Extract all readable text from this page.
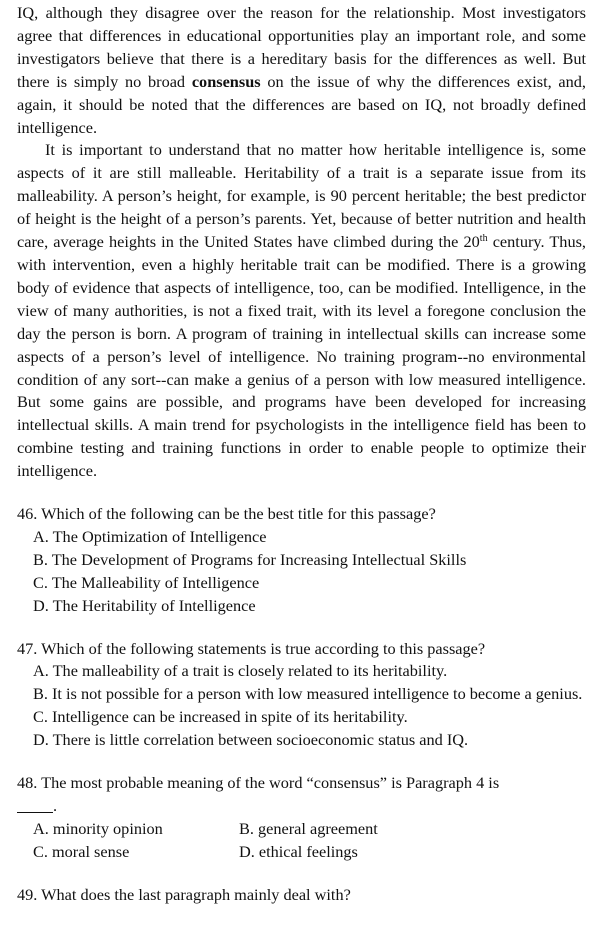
IQ, although they disagree over the reason for the relationship. Most investigators agree that differences in educational opportunities play an important role, and some investigators believe that there is a hereditary basis for the differences as well. But there is simply no broad consensus on the issue of why the differences exist, and, again, it should be noted that the differences are based on IQ, not broadly defined intelligence.

It is important to understand that no matter how heritable intelligence is, some aspects of it are still malleable. Heritability of a trait is a separate issue from its malleability. A person’s height, for example, is 90 percent heritable; the best predictor of height is the height of a person’s parents. Yet, because of better nutrition and health care, average heights in the United States have climbed during the 20th century. Thus, with intervention, even a highly heritable trait can be modified. There is a growing body of evidence that aspects of intelligence, too, can be modified. Intelligence, in the view of many authorities, is not a fixed trait, with its level a foregone conclusion the day the person is born. A program of training in intellectual skills can increase some aspects of a person’s level of intelligence. No training program--no environmental condition of any sort--can make a genius of a person with low measured intelligence. But some gains are possible, and programs have been developed for increasing intellectual skills. A main trend for psychologists in the intelligence field has been to combine testing and training functions in order to enable people to optimize their intelligence.

46. Which of the following can be the best title for this passage?

A. The Optimization of Intelligence

B. The Development of Programs for Increasing Intellectual Skills

C. The Malleability of Intelligence

D. The Heritability of Intelligence

47. Which of the following statements is true according to this passage?

A. The malleability of a trait is closely related to its heritability.

B. It is not possible for a person with low measured intelligence to become a genius.

C. Intelligence can be increased in spite of its heritability.

D. There is little correlation between socioeconomic status and IQ.

48. The most probable meaning of the word “consensus” is Paragraph 4 is

.

A. minority opinion	B. general agreement
C. moral sense	D. ethical feelings

49. What does the last paragraph mainly deal with?
